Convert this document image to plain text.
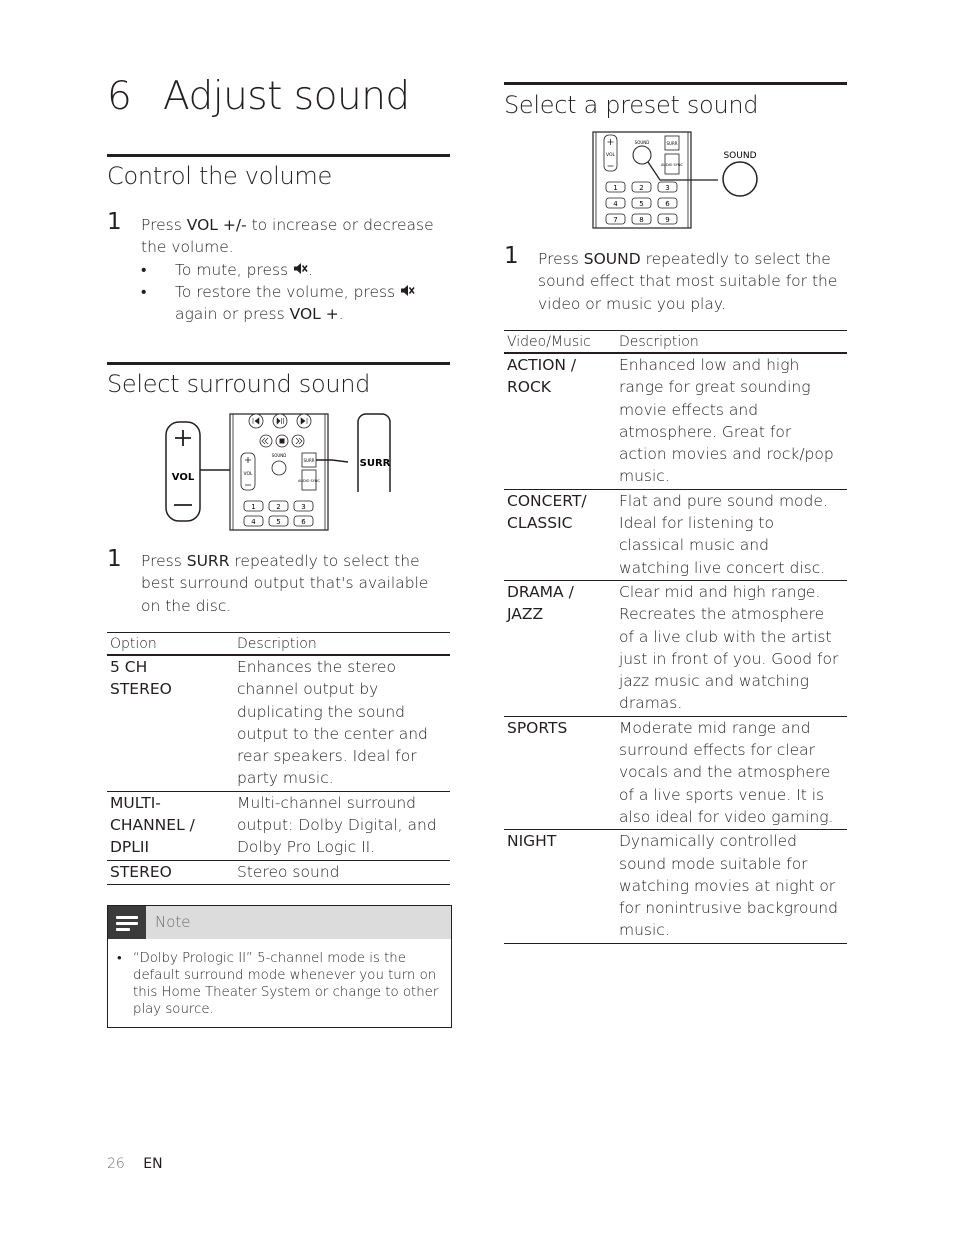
6 Adjust sound
Control the volume
1 Press VOL +/- to increase or decrease the volume.
• To mute, press .
• To restore the volume, press  again or press VOL +.
Select surround sound
VOL	VOL
SOUND
SURR
AUDIO SYNC
1	2	3
4	5	6
SURR
1 Press SURR repeatedly to select the best surround output that's available on the disc.
Option	Description
5 CH STEREO	Enhances the stereo channel output by duplicating the sound output to the center and rear speakers. Ideal for party music.
MULTI-CHANNEL / DPLII	Multi-channel surround output: Dolby Digital, and Dolby Pro Logic II.
STEREO	Stereo sound
Note
• “Dolby Prologic II” 5-channel mode is the default surround mode whenever you turn on this Home Theater System or change to other play source.
Select a preset sound
VOL
SOUND	SURR
AUDIO SYNC
1	2	3
4	5	6
7	8	9
SOUND
1 Press SOUND repeatedly to select the sound effect that most suitable for the video or music you play.
Video/Music	Description
ACTION / ROCK	Enhanced low and high range for great sounding movie effects and atmosphere. Great for action movies and rock/pop music.
CONCERT/ CLASSIC	Flat and pure sound mode. Ideal for listening to classical music and watching live concert disc.
DRAMA / JAZZ	Clear mid and high range. Recreates the atmosphere of a live club with the artist just in front of you. Good for jazz music and watching dramas.
SPORTS	Moderate mid range and surround effects for clear vocals and the atmosphere of a live sports venue. It is also ideal for video gaming.
NIGHT	Dynamically controlled sound mode suitable for watching movies at night or for nonintrusive background music.
26 EN
